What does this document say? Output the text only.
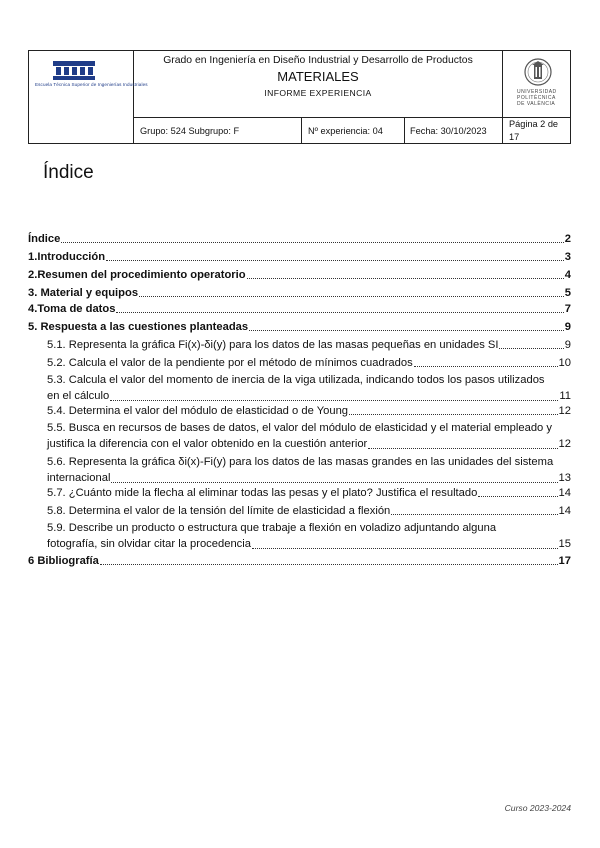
Escuela Técnica Superior de Ingenierías Industriales
Grado en Ingeniería en Diseño Industrial y Desarrollo de Productos
MATERIALES
INFORME EXPERIENCIA	UNIVERSIDAD POLITÈCNICA DE VALÈNCIA
Grupo: 524 Subgrupo: F	Nº experiencia: 04	Fecha: 30/10/2023
Página 2 de 17
Índice
Índice	2
1.Introducción	3
2.Resumen del procedimiento operatorio	4
3. Material y equipos	5
4.Toma de datos	7
5. Respuesta a las cuestiones planteadas	9
5.1. Representa la gráfica Fi(x)-δi(y) para los datos de las masas pequeñas en unidades SI	9
5.2. Calcula el valor de la pendiente por el método de mínimos cuadrados	10
5.3. Calcula el valor del momento de inercia de la viga utilizada, indicando todos los pasos utilizados
en el cálculo	11
5.4. Determina el valor del módulo de elasticidad o de Young	12
5.5. Busca en recursos de bases de datos, el valor del módulo de elasticidad y el material empleado y
justifica la diferencia con el valor obtenido en la cuestión anterior	12
5.6. Representa la gráfica δi(x)-Fi(y) para los datos de las masas grandes en las unidades del sistema
internacional	13
5.7. ¿Cuánto mide la flecha al eliminar todas las pesas y el plato? Justifica el resultado	14
5.8. Determina el valor de la tensión del límite de elasticidad a flexión	14
5.9. Describe un producto o estructura que trabaje a flexión en voladizo adjuntando alguna
fotografía, sin olvidar citar la procedencia	15
6 Bibliografía	17
Curso 2023-2024
